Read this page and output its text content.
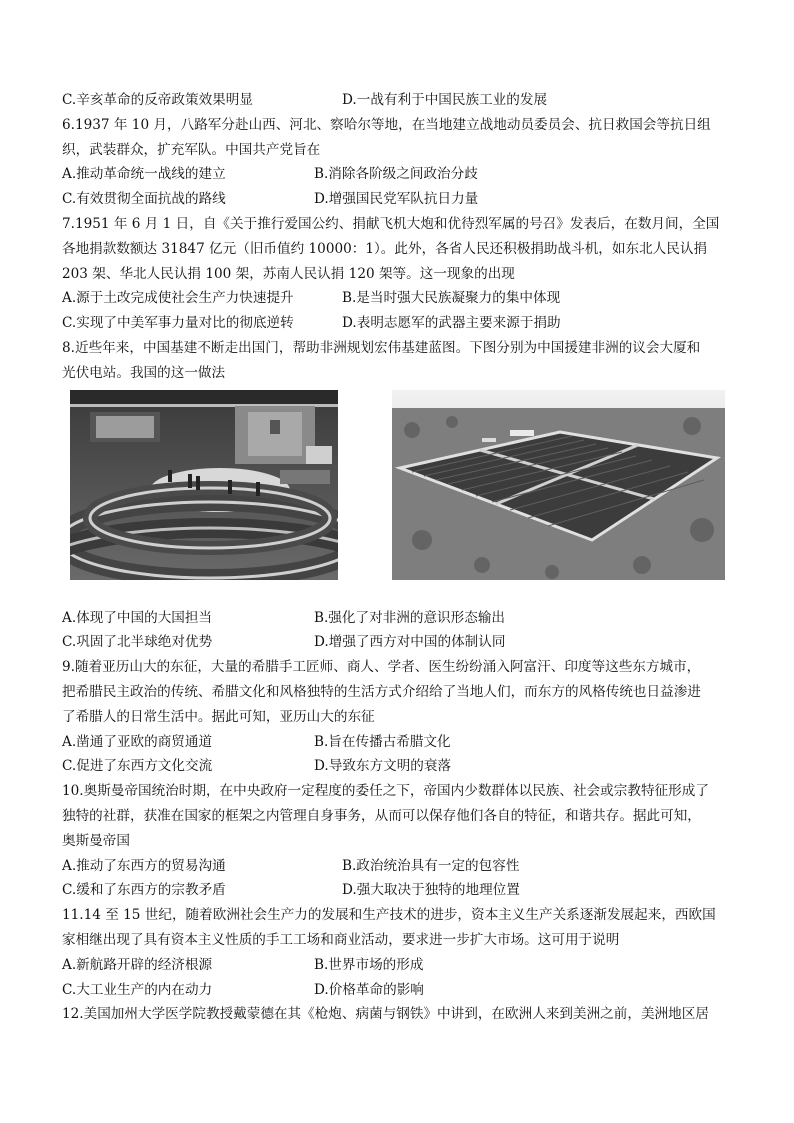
C.辛亥革命的反帝政策效果明显	D.一战有利于中国民族工业的发展
6.1937 年 10 月，八路军分赴山西、河北、察哈尔等地，在当地建立战地动员委员会、抗日救国会等抗日组
织，武装群众，扩充军队。中国共产党旨在
A.推动革命统一战线的建立	B.消除各阶级之间政治分歧
C.有效贯彻全面抗战的路线	D.增强国民党军队抗日力量
7.1951 年 6 月 1 日，自《关于推行爱国公约、捐献飞机大炮和优待烈军属的号召》发表后，在数月间，全国
各地捐款数额达 31847 亿元（旧币值约 10000：1）。此外，各省人民还积极捐助战斗机，如东北人民认捐
203 架、华北人民认捐 100 架，苏南人民认捐 120 架等。这一现象的出现
A.源于土改完成使社会生产力快速提升	B.是当时强大民族凝聚力的集中体现
C.实现了中美军事力量对比的彻底逆转	D.表明志愿军的武器主要来源于捐助
8.近些年来，中国基建不断走出国门，帮助非洲规划宏伟基建蓝图。下图分别为中国援建非洲的议会大厦和
光伏电站。我国的这一做法
A.体现了中国的大国担当	B.强化了对非洲的意识形态输出
C.巩固了北半球绝对优势	D.增强了西方对中国的体制认同
9.随着亚历山大的东征，大量的希腊手工匠师、商人、学者、医生纷纷涌入阿富汗、印度等这些东方城市，
把希腊民主政治的传统、希腊文化和风格独特的生活方式介绍给了当地人们，而东方的风格传统也日益渗进
了希腊人的日常生活中。据此可知，亚历山大的东征
A.凿通了亚欧的商贸通道	B.旨在传播古希腊文化
C.促进了东西方文化交流	D.导致东方文明的衰落
10.奥斯曼帝国统治时期，在中央政府一定程度的委任之下，帝国内少数群体以民族、社会或宗教特征形成了
独特的社群，获准在国家的框架之内管理自身事务，从而可以保存他们各自的特征，和谐共存。据此可知，
奥斯曼帝国
A.推动了东西方的贸易沟通	B.政治统治具有一定的包容性
C.缓和了东西方的宗教矛盾	D.强大取决于独特的地理位置
11.14 至 15 世纪，随着欧洲社会生产力的发展和生产技术的进步，资本主义生产关系逐渐发展起来，西欧国
家相继出现了具有资本主义性质的手工工场和商业活动，要求进一步扩大市场。这可用于说明
A.新航路开辟的经济根源	B.世界市场的形成
C.大工业生产的内在动力	D.价格革命的影响
12.美国加州大学医学院教授戴蒙德在其《枪炮、病菌与钢铁》中讲到，在欧洲人来到美洲之前，美洲地区居
